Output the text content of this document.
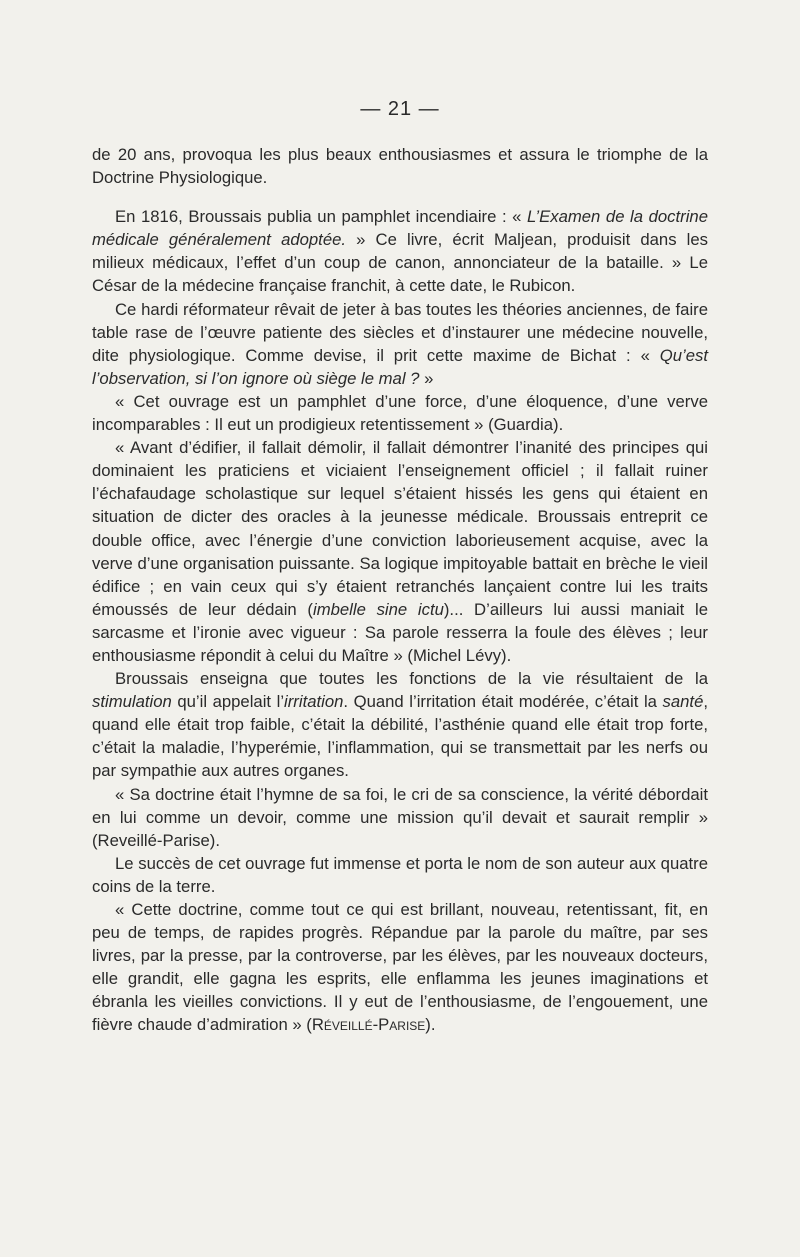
— 21 —

de 20 ans, provoqua les plus beaux enthousiasmes et assura le triomphe de la Doctrine Physiologique.

En 1816, Broussais publia un pamphlet incendiaire : « L’Examen de la doctrine médicale généralement adoptée. » Ce livre, écrit Maljean, produisit dans les milieux médicaux, l’effet d’un coup de canon, annonciateur de la bataille. » Le César de la médecine française franchit, à cette date, le Rubicon.

Ce hardi réformateur rêvait de jeter à bas toutes les théories anciennes, de faire table rase de l’œuvre patiente des siècles et d’instaurer une médecine nouvelle, dite physiologique. Comme devise, il prit cette maxime de Bichat : « Qu’est l’observation, si l’on ignore où siège le mal ? »

« Cet ouvrage est un pamphlet d’une force, d’une éloquence, d’une verve incomparables : Il eut un prodigieux retentissement » (Guardia).

« Avant d’édifier, il fallait démolir, il fallait démontrer l’inanité des principes qui dominaient les praticiens et viciaient l’enseignement officiel ; il fallait ruiner l’échafaudage scholastique sur lequel s’étaient hissés les gens qui étaient en situation de dicter des oracles à la jeunesse médicale. Broussais entreprit ce double office, avec l’énergie d’une conviction laborieusement acquise, avec la verve d’une organisation puissante. Sa logique impitoyable battait en brèche le vieil édifice ; en vain ceux qui s’y étaient retranchés lançaient contre lui les traits émoussés de leur dédain (imbelle sine ictu)... D’ailleurs lui aussi maniait le sarcasme et l’ironie avec vigueur : Sa parole resserra la foule des élèves ; leur enthousiasme répondit à celui du Maître » (Michel Lévy).

Broussais enseigna que toutes les fonctions de la vie résultaient de la stimulation qu’il appelait l’irritation. Quand l’irritation était modérée, c’était la santé, quand elle était trop faible, c’était la débilité, l’asthénie quand elle était trop forte, c’était la maladie, l’hyperémie, l’inflammation, qui se transmettait par les nerfs ou par sympathie aux autres organes.

« Sa doctrine était l’hymne de sa foi, le cri de sa conscience, la vérité débordait en lui comme un devoir, comme une mission qu’il devait et saurait remplir » (Reveillé-Parise).

Le succès de cet ouvrage fut immense et porta le nom de son auteur aux quatre coins de la terre.

« Cette doctrine, comme tout ce qui est brillant, nouveau, retentissant, fit, en peu de temps, de rapides progrès. Répandue par la parole du maître, par ses livres, par la presse, par la controverse, par les élèves, par les nouveaux docteurs, elle grandit, elle gagna les esprits, elle enflamma les jeunes imaginations et ébranla les vieilles convictions. Il y eut de l’enthousiasme, de l’engouement, une fièvre chaude d’admiration » (Réveillé-Parise).
